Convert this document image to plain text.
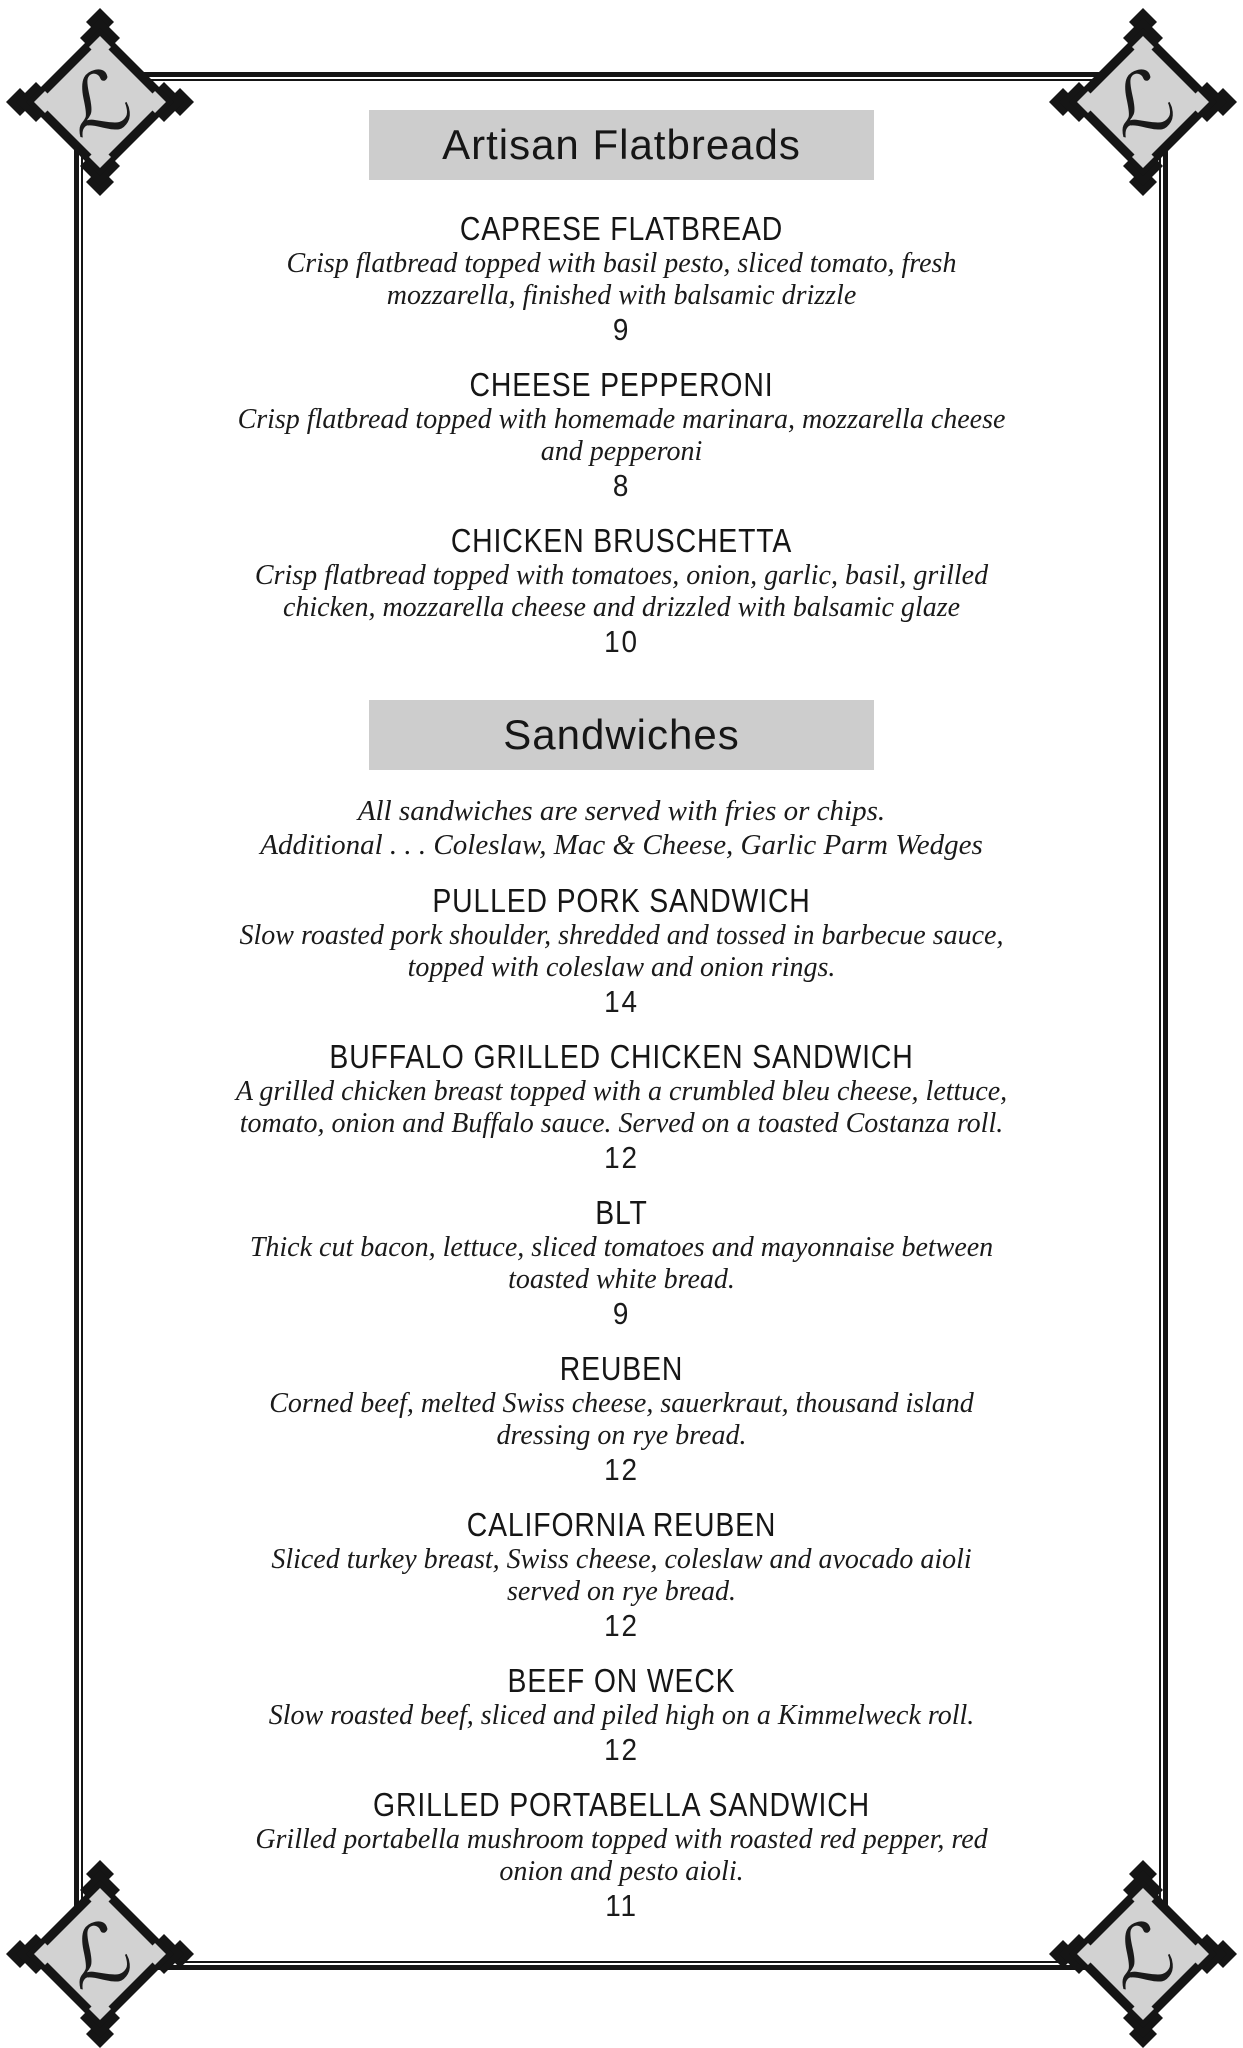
Artisan Flatbreads
CAPRESE FLATBREAD
Crisp flatbread topped with basil pesto, sliced tomato, fresh
mozzarella, finished with balsamic drizzle
9
CHEESE PEPPERONI
Crisp flatbread topped with homemade marinara, mozzarella cheese
and pepperoni
8
CHICKEN BRUSCHETTA
Crisp flatbread topped with tomatoes, onion, garlic, basil, grilled
chicken, mozzarella cheese and drizzled with balsamic glaze
10
Sandwiches
All sandwiches are served with fries or chips.
Additional . . . Coleslaw, Mac & Cheese, Garlic Parm Wedges
PULLED PORK SANDWICH
Slow roasted pork shoulder, shredded and tossed in barbecue sauce,
topped with coleslaw and onion rings.
14
BUFFALO GRILLED CHICKEN SANDWICH
A grilled chicken breast topped with a crumbled bleu cheese, lettuce,
tomato, onion and Buffalo sauce. Served on a toasted Costanza roll.
12
BLT
Thick cut bacon, lettuce, sliced tomatoes and mayonnaise between
toasted white bread.
9
REUBEN
Corned beef, melted Swiss cheese, sauerkraut, thousand island
dressing on rye bread.
12
CALIFORNIA REUBEN
Sliced turkey breast, Swiss cheese, coleslaw and avocado aioli
served on rye bread.
12
BEEF ON WECK
Slow roasted beef, sliced and piled high on a Kimmelweck roll.
12
GRILLED PORTABELLA SANDWICH
Grilled portabella mushroom topped with roasted red pepper, red
onion and pesto aioli.
11
